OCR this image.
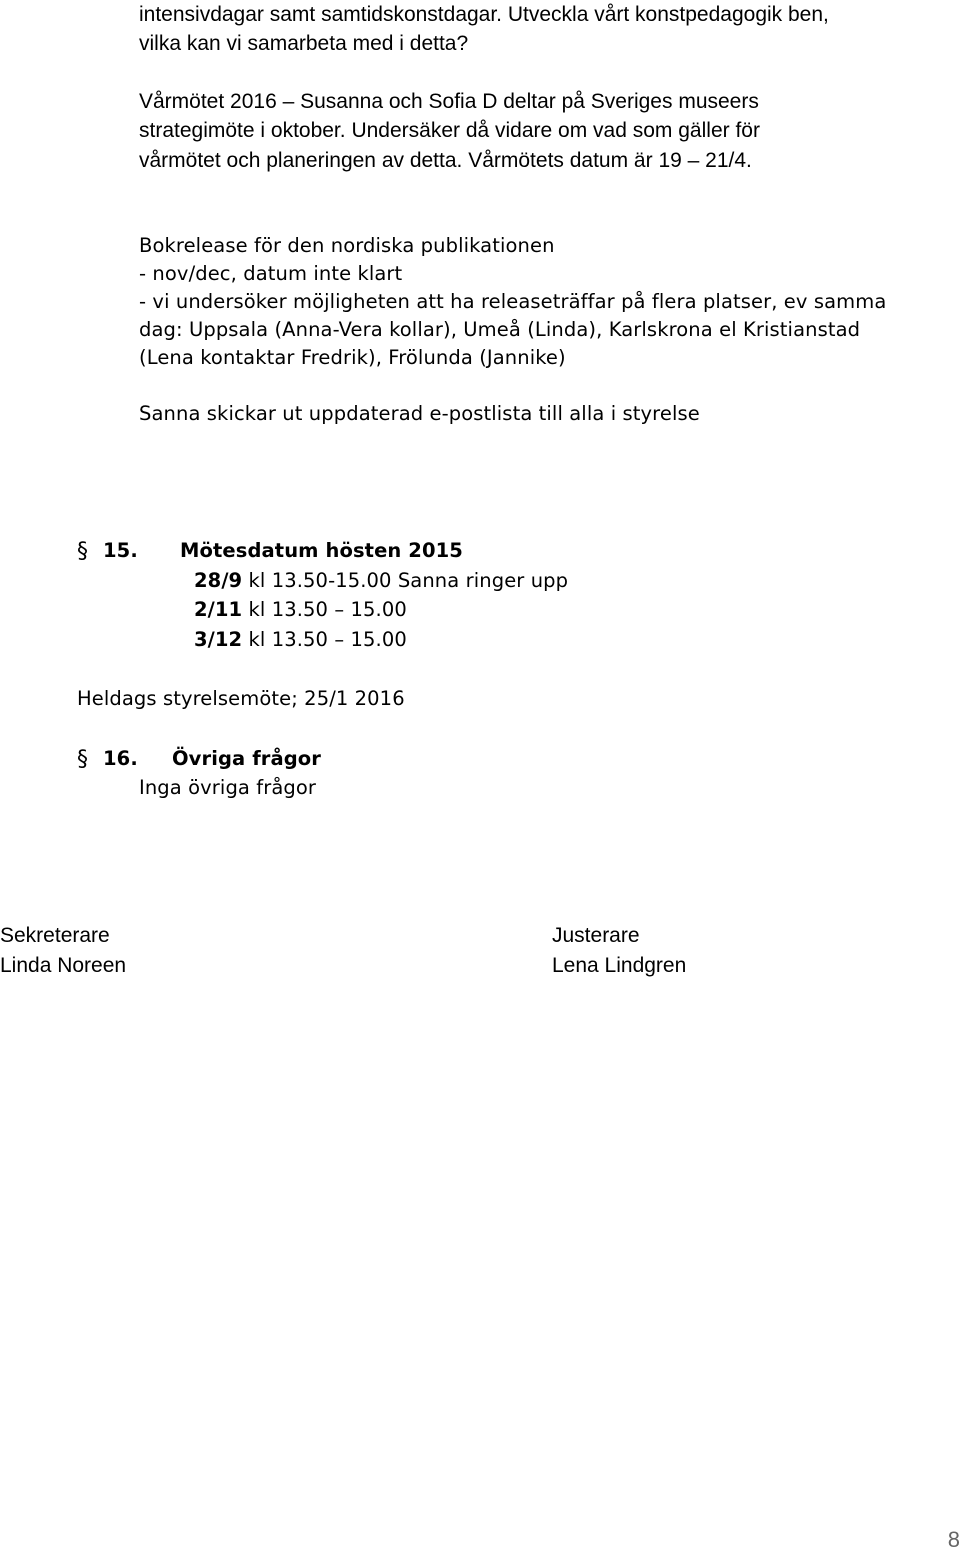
intensivdagar samt samtidskonstdagar. Utveckla vårt konstpedagogik ben,
vilka kan vi samarbeta med i detta?
Vårmötet 2016 – Susanna och Sofia D deltar på Sveriges museers
strategimöte i oktober. Undersäker då vidare om vad som gäller för
vårmötet och planeringen av detta. Vårmötets datum är 19 – 21/4.
Bokrelease för den nordiska publikationen
- nov/dec, datum inte klart
- vi undersöker möjligheten att ha releaseträffar på flera platser, ev samma
dag: Uppsala (Anna-Vera kollar), Umeå (Linda), Karlskrona el Kristianstad
(Lena kontaktar Fredrik), Frölunda (Jannike)
Sanna skickar ut uppdaterad e-postlista till alla i styrelse
§ 15. Mötesdatum hösten 2015
28/9 kl 13.50-15.00 Sanna ringer upp
2/11 kl 13.50 – 15.00
3/12 kl 13.50 – 15.00
Heldags styrelsemöte; 25/1 2016
§ 16. Övriga frågor
Inga övriga frågor
Sekreterare
Linda Noreen
Justerare
Lena Lindgren
8
